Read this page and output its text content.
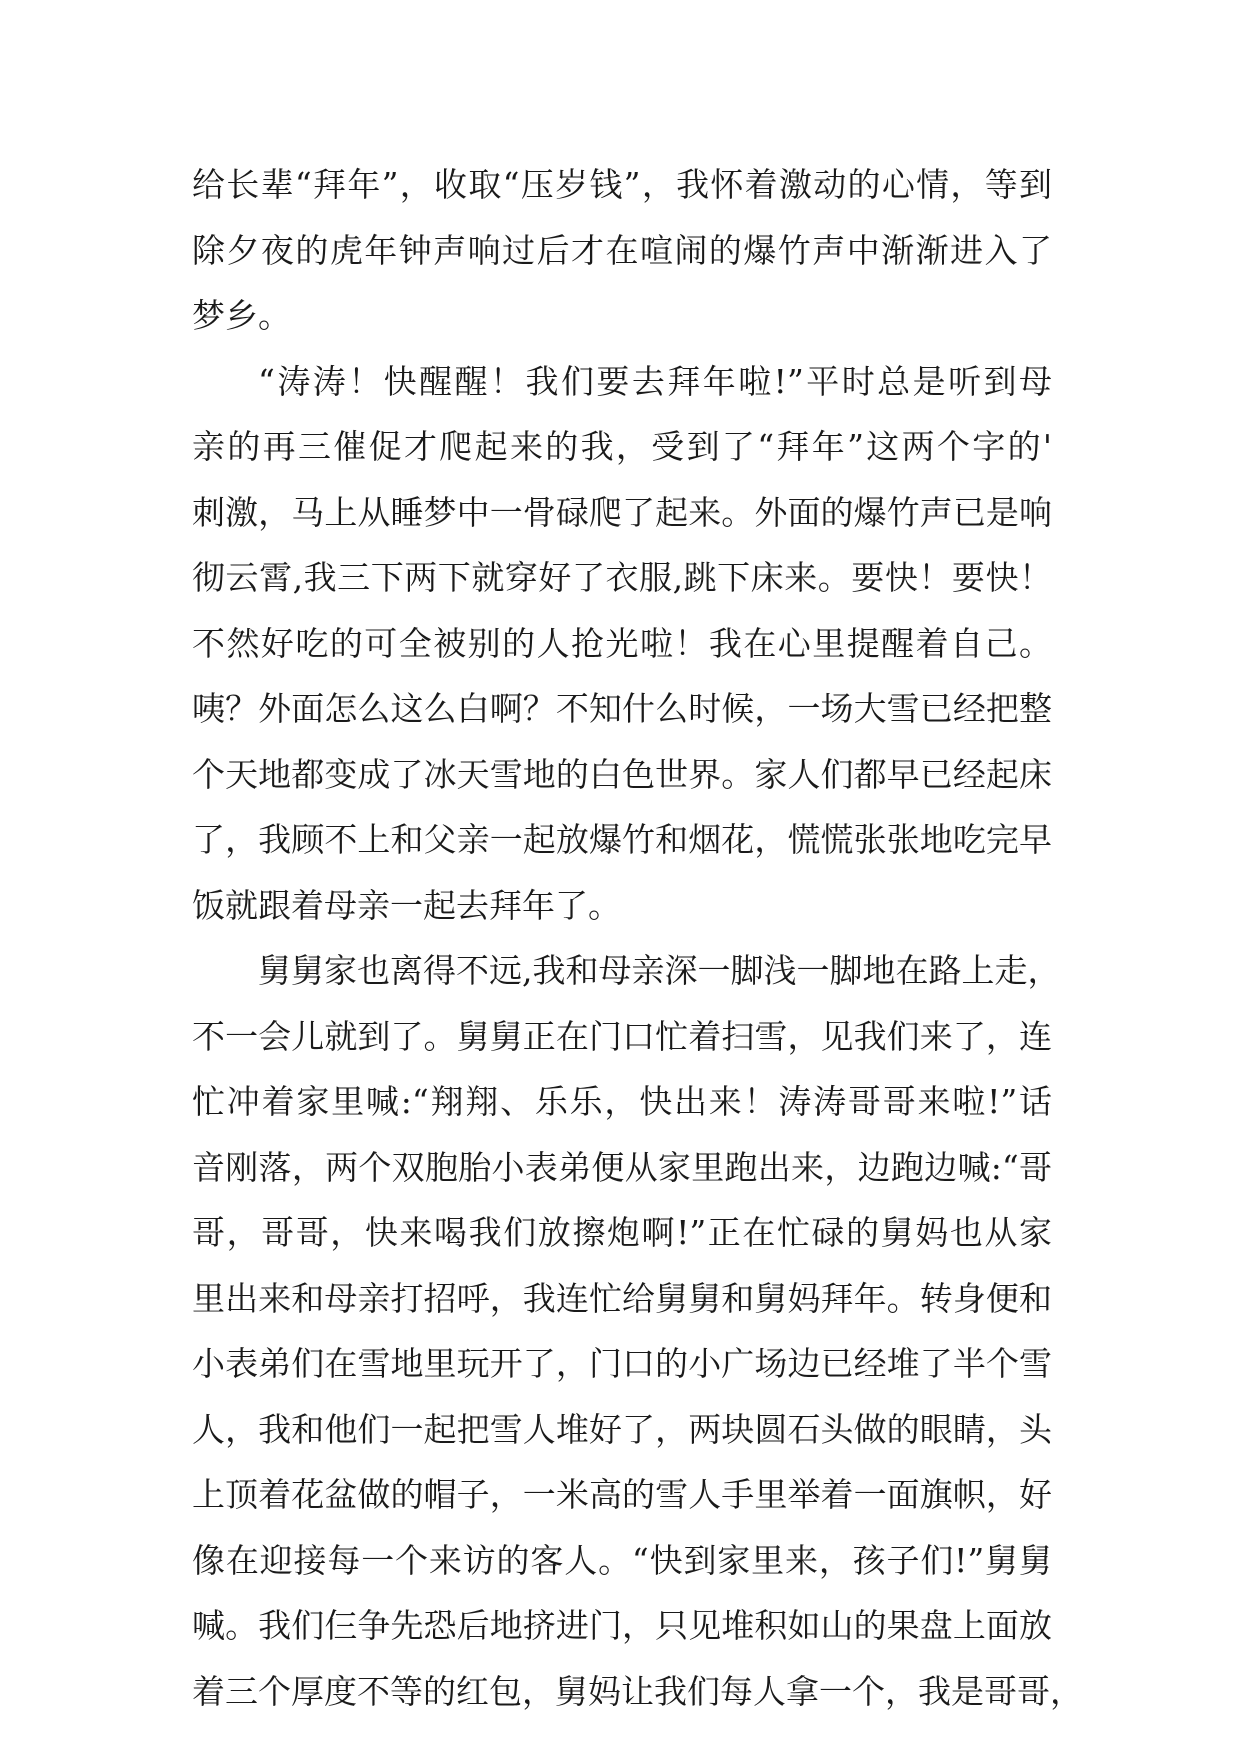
给长辈“拜年”，收取“压岁钱”，我怀着激动的心情，等到
除夕夜的虎年钟声响过后才在喧闹的爆竹声中渐渐进入了
梦乡。
“涛涛！快醒醒！我们要去拜年啦!”平时总是听到母
亲的再三催促才爬起来的我，受到了“拜年”这两个字的'
刺激，马上从睡梦中一骨碌爬了起来。外面的爆竹声已是响
彻云霄,我三下两下就穿好了衣服,跳下床来。要快！要快！
不然好吃的可全被别的人抢光啦！我在心里提醒着自己。
咦？外面怎么这么白啊？不知什么时候，一场大雪已经把整
个天地都变成了冰天雪地的白色世界。家人们都早已经起床
了，我顾不上和父亲一起放爆竹和烟花，慌慌张张地吃完早
饭就跟着母亲一起去拜年了。
舅舅家也离得不远,我和母亲深一脚浅一脚地在路上走，
不一会儿就到了。舅舅正在门口忙着扫雪，见我们来了，连
忙冲着家里喊:“翔翔、乐乐，快出来！涛涛哥哥来啦!”话
音刚落，两个双胞胎小表弟便从家里跑出来，边跑边喊:“哥
哥，哥哥，快来喝我们放擦炮啊!”正在忙碌的舅妈也从家
里出来和母亲打招呼，我连忙给舅舅和舅妈拜年。转身便和
小表弟们在雪地里玩开了，门口的小广场边已经堆了半个雪
人，我和他们一起把雪人堆好了，两块圆石头做的眼睛，头
上顶着花盆做的帽子，一米高的雪人手里举着一面旗帜，好
像在迎接每一个来访的客人。“快到家里来，孩子们!”舅舅
喊。我们仨争先恐后地挤进门，只见堆积如山的果盘上面放
着三个厚度不等的红包，舅妈让我们每人拿一个，我是哥哥，
